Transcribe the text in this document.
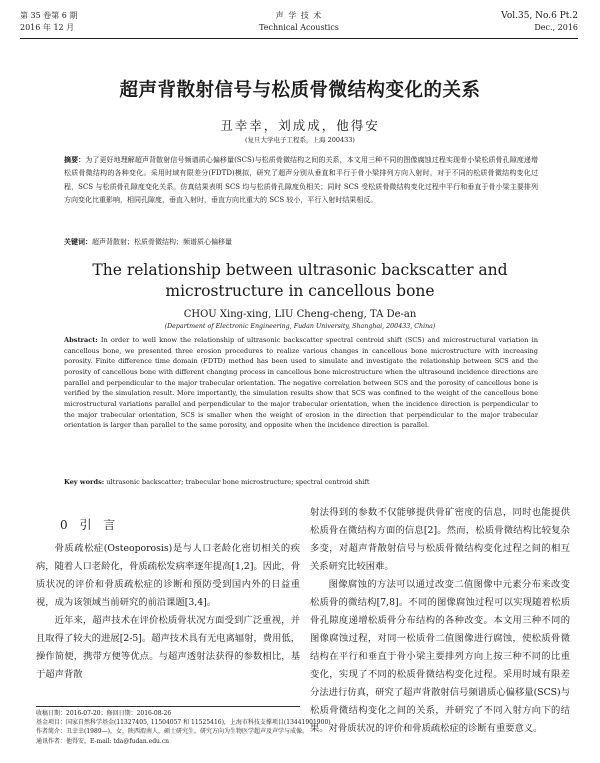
第 35 卷第 6 期
2016 年 12 月
声 学 技 术
Technical Acoustics
Vol.35, No.6 Pt.2
Dec., 2016
超声背散射信号与松质骨微结构变化的关系
丑幸幸，刘成成，他得安
(复旦大学电子工程系，上海 200433)
摘要：为了更好地理解超声背散射信号频谱质心偏移量(SCS)与松质骨微结构之间的关系，本文用三种不同的图像腐蚀过程实现骨小梁松质骨孔隙度递增松质骨微结构的各种变化。采用时域有限差分(FDTD)模拟，研究了超声分别从垂直和平行于骨小梁排列方向入射时，对于不同的松质骨微结构变化过程，SCS 与松质骨孔隙度变化关系。仿真结果表明 SCS 均与松质骨孔隙度负相关；同时 SCS 受松质骨微结构变化过程中平行和垂直于骨小梁主要排列方向变化比重影响，相同孔隙度，垂直入射时，垂直方向比重大的 SCS 较小，平行入射时结果相反。
关键词：超声背散射；松质骨微结构；频谱质心偏移量
The relationship between ultrasonic backscatter and microstructure in cancellous bone
CHOU Xing-xing, LIU Cheng-cheng, TA De-an
(Department of Electronic Engineering, Fudan University, Shanghai, 200433, China)
Abstract: In order to well know the relationship of ultrasonic backscatter spectral centroid shift (SCS) and microstructural variation in cancellous bone, we presented three erosion procedures to realize various changes in cancellous bone microstructure with increasing porosity. Finite difference time domain (FDTD) method has been used to simulate and investigate the relationship between SCS and the porosity of cancellous bone with different changing process in cancellous bone microstructure when the ultrasound incidence directions are parallel and perpendicular to the major trabecular orientation. The negative correlation between SCS and the porosity of cancellous bone is verified by the simulation result. More importantly, the simulation results show that SCS was confined to the weight of the cancellous bone microstructural variations parallel and perpendicular to the major trabecular orientation, when the incidence direction is perpendicular to the major trabecular orientation, SCS is smaller when the weight of erosion in the direction that perpendicular to the major trabecular orientation is larger than parallel to the same porosity, and opposite when the incidence direction is parallel.
Key words: ultrasonic backscatter; trabecular bone microstructure; spectral centroid shift
0 引 言

骨质疏松症(Osteoporosis)是与人口老龄化密切相关的疾病，随着人口老龄化，骨质疏松发病率逐年提高[1,2]。因此，骨质状况的评价和骨质疏松症的诊断和预防受到国内外的日益重视，成为该领域当前研究的前沿课题[3,4]。

近年来，超声技术在评价松质骨状况方面受到广泛重视，并且取得了较大的进展[2-5]。超声技术具有无电离辐射，费用低，操作简便，携带方便等优点。与超声透射法获得的参数相比，基于超声背散

射法得到的参数不仅能够提供骨矿密度的信息，同时也能提供松质骨在微结构方面的信息[2]。然而，松质骨微结构比较复杂多变，对超声背散射信号与松质骨微结构变化过程之间的相互关系研究比较困难。

图像腐蚀的方法可以通过改变二值图像中元素分布来改变松质骨的微结构[7,8]。不同的图像腐蚀过程可以实现随着松质骨孔隙度递增松质骨分布结构的各种改变。本文用三种不同的图像腐蚀过程，对同一松质骨二值图像进行腐蚀，使松质骨微结构在平行和垂直于骨小梁主要排列方向上按三种不同的比重变化，实现了不同的松质骨微结构变化过程。采用时域有限差分法进行仿真，研究了超声背散射信号频谱质心偏移量(SCS)与松质骨微结构变化之间的关系，并研究了不同入射方向下的结果。对骨质状况的评价和骨质疏松症的诊断有重要意义。

收稿日期：2016-07-20；修回日期：2016-08-26
基金项目：国家自然科学基金(11327405, 11504057 和 11525416)，上海市科技支撑项目(13441901900)
作者简介：丑幸幸(1989—)，女，陕西渭南人，硕士研究生，研究方向为生物医学超声及声学与成像。
通讯作者：他得安，E-mail: tda@fudan.edu.cn
